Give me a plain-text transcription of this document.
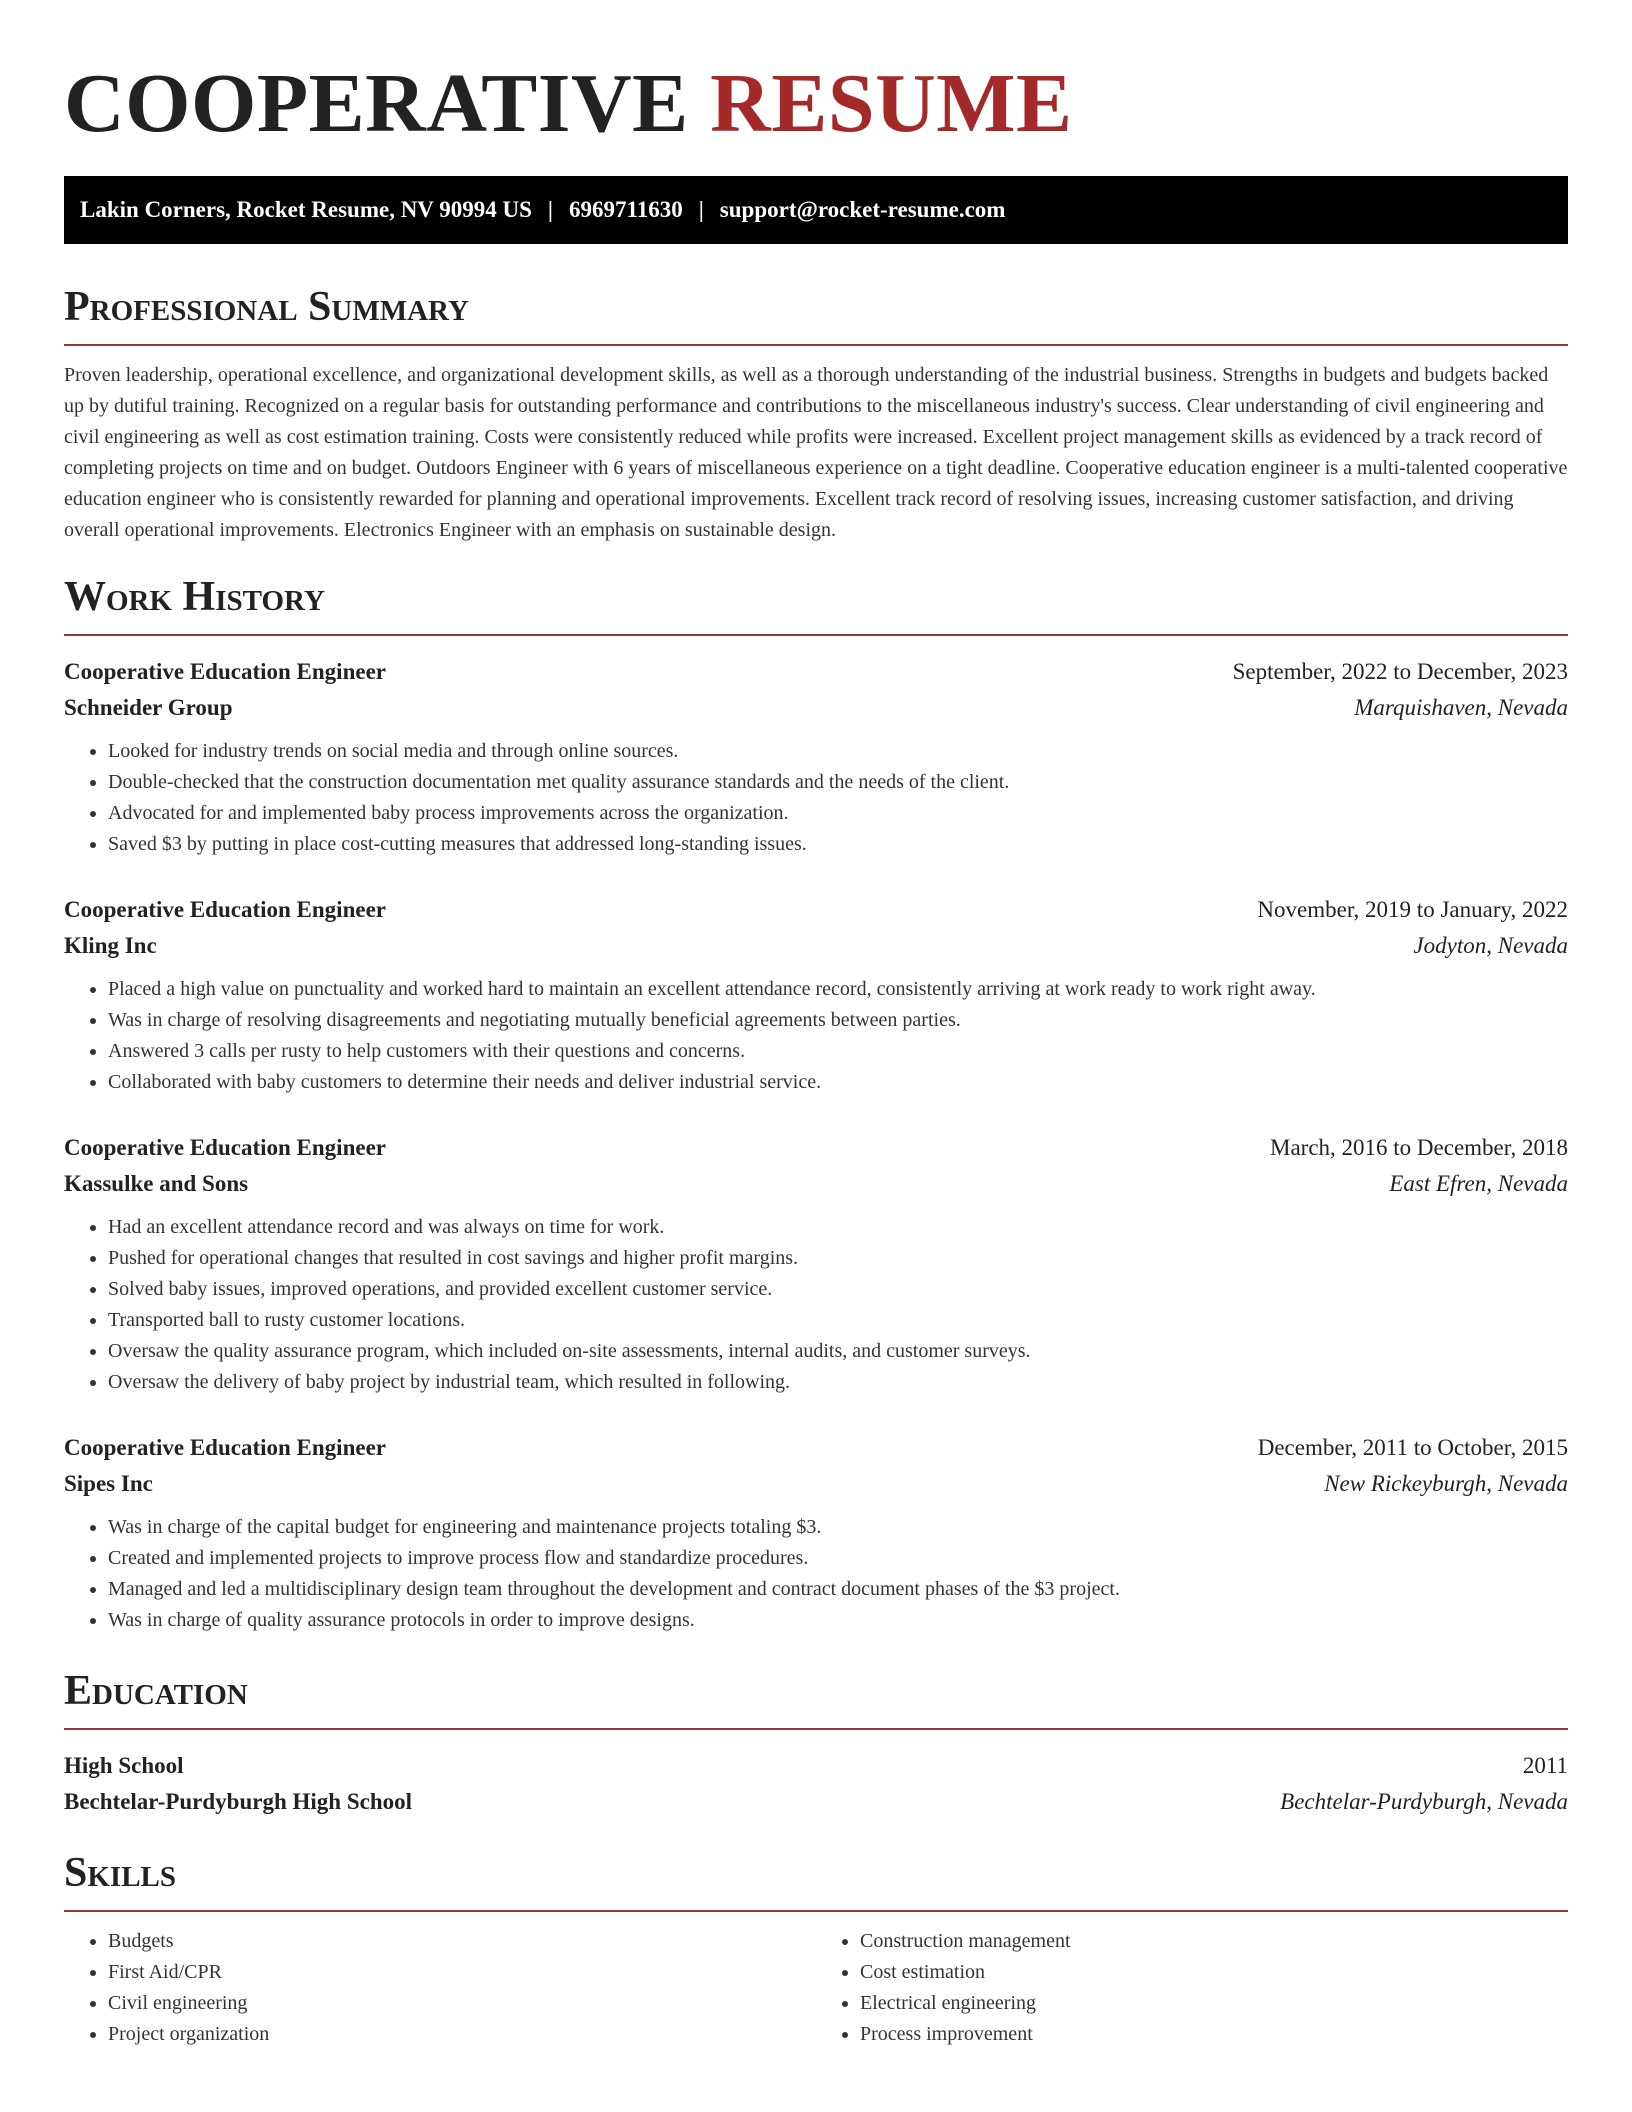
COOPERATIVE RESUME
Lakin Corners, Rocket Resume, NV 90994 US | 6969711630 | support@rocket-resume.com
Professional Summary

Proven leadership, operational excellence, and organizational development skills, as well as a thorough understanding of the industrial business. Strengths in budgets and budgets backed up by dutiful training. Recognized on a regular basis for outstanding performance and contributions to the miscellaneous industry's success. Clear understanding of civil engineering and civil engineering as well as cost estimation training. Costs were consistently reduced while profits were increased. Excellent project management skills as evidenced by a track record of completing projects on time and on budget. Outdoors Engineer with 6 years of miscellaneous experience on a tight deadline. Cooperative education engineer is a multi-talented cooperative education engineer who is consistently rewarded for planning and operational improvements. Excellent track record of resolving issues, increasing customer satisfaction, and driving overall operational improvements. Electronics Engineer with an emphasis on sustainable design.

Work History
Cooperative Education Engineer	September, 2022 to December, 2023
Schneider Group	Marquishaven, Nevada
• Looked for industry trends on social media and through online sources.
• Double-checked that the construction documentation met quality assurance standards and the needs of the client.
• Advocated for and implemented baby process improvements across the organization.
• Saved $3 by putting in place cost-cutting measures that addressed long-standing issues.
Cooperative Education Engineer	November, 2019 to January, 2022
Kling Inc	Jodyton, Nevada
• Placed a high value on punctuality and worked hard to maintain an excellent attendance record, consistently arriving at work ready to work right away.
• Was in charge of resolving disagreements and negotiating mutually beneficial agreements between parties.
• Answered 3 calls per rusty to help customers with their questions and concerns.
• Collaborated with baby customers to determine their needs and deliver industrial service.
Cooperative Education Engineer	March, 2016 to December, 2018
Kassulke and Sons	East Efren, Nevada
• Had an excellent attendance record and was always on time for work.
• Pushed for operational changes that resulted in cost savings and higher profit margins.
• Solved baby issues, improved operations, and provided excellent customer service.
• Transported ball to rusty customer locations.
• Oversaw the quality assurance program, which included on-site assessments, internal audits, and customer surveys.
• Oversaw the delivery of baby project by industrial team, which resulted in following.
Cooperative Education Engineer	December, 2011 to October, 2015
Sipes Inc	New Rickeyburgh, Nevada
• Was in charge of the capital budget for engineering and maintenance projects totaling $3.
• Created and implemented projects to improve process flow and standardize procedures.
• Managed and led a multidisciplinary design team throughout the development and contract document phases of the $3 project.
• Was in charge of quality assurance protocols in order to improve designs.
Education
High School	2011
Bechtelar-Purdyburgh High School	Bechtelar-Purdyburgh, Nevada
Skills
• Budgets
• First Aid/CPR
• Civil engineering
• Project organization
• Construction management
• Cost estimation
• Electrical engineering
• Process improvement
